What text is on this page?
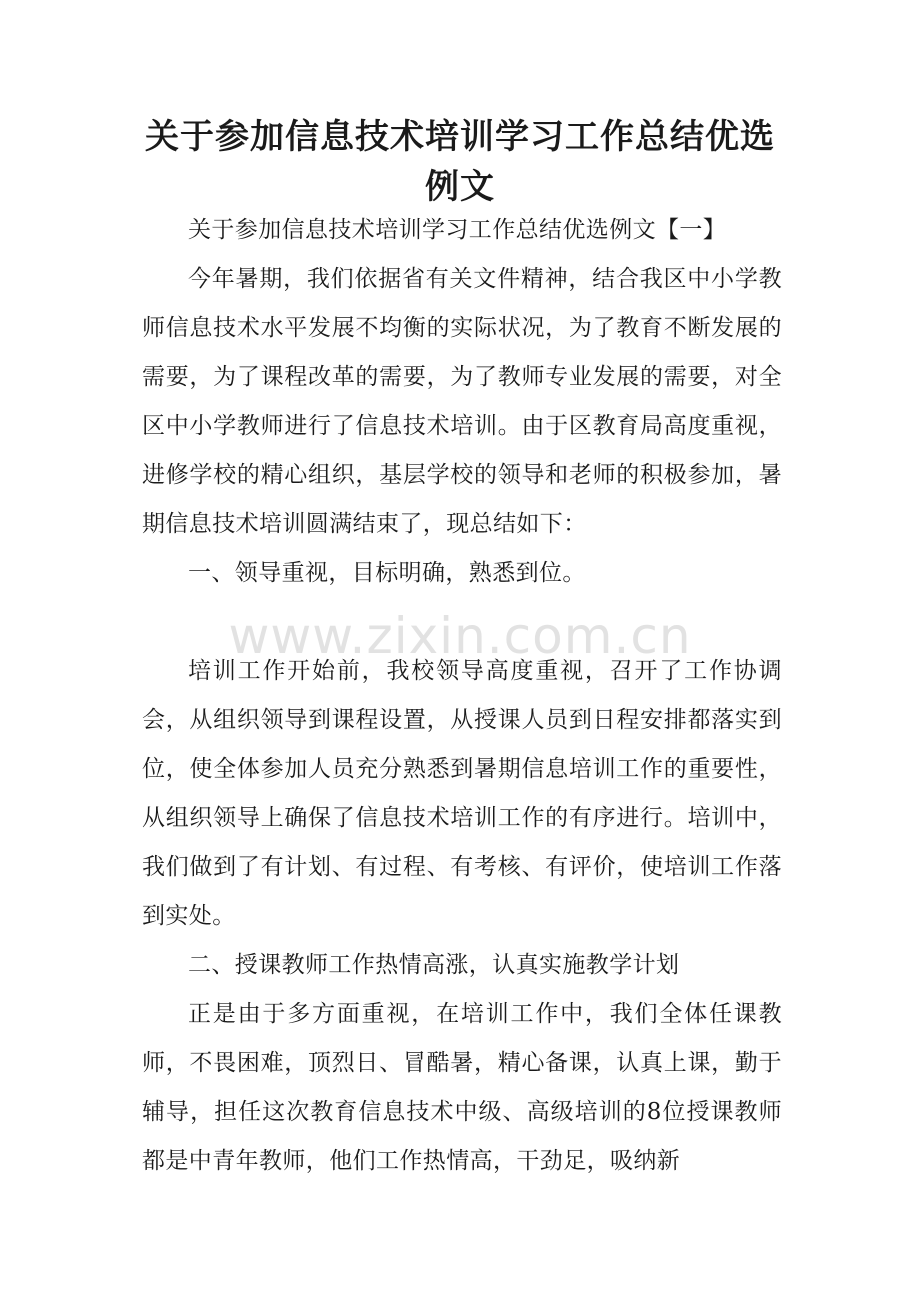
关于参加信息技术培训学习工作总结优选例文

关于参加信息技术培训学习工作总结优选例文【一】

今年暑期，我们依据省有关文件精神，结合我区中小学教师信息技术水平发展不均衡的实际状况，为了教育不断发展的需要，为了课程改革的需要，为了教师专业发展的需要，对全区中小学教师进行了信息技术培训。由于区教育局高度重视，进修学校的精心组织，基层学校的领导和老师的积极参加，暑期信息技术培训圆满结束了，现总结如下：

一、领导重视，目标明确，熟悉到位。

培训工作开始前，我校领导高度重视，召开了工作协调会，从组织领导到课程设置，从授课人员到日程安排都落实到位，使全体参加人员充分熟悉到暑期信息培训工作的重要性，从组织领导上确保了信息技术培训工作的有序进行。培训中，我们做到了有计划、有过程、有考核、有评价，使培训工作落到实处。

二、授课教师工作热情高涨，认真实施教学计划

正是由于多方面重视，在培训工作中，我们全体任课教师，不畏困难，顶烈日、冒酷暑，精心备课，认真上课，勤于辅导，担任这次教育信息技术中级、高级培训的8位授课教师都是中青年教师，他们工作热情高，干劲足，吸纳新

www.zixin.com.cn
